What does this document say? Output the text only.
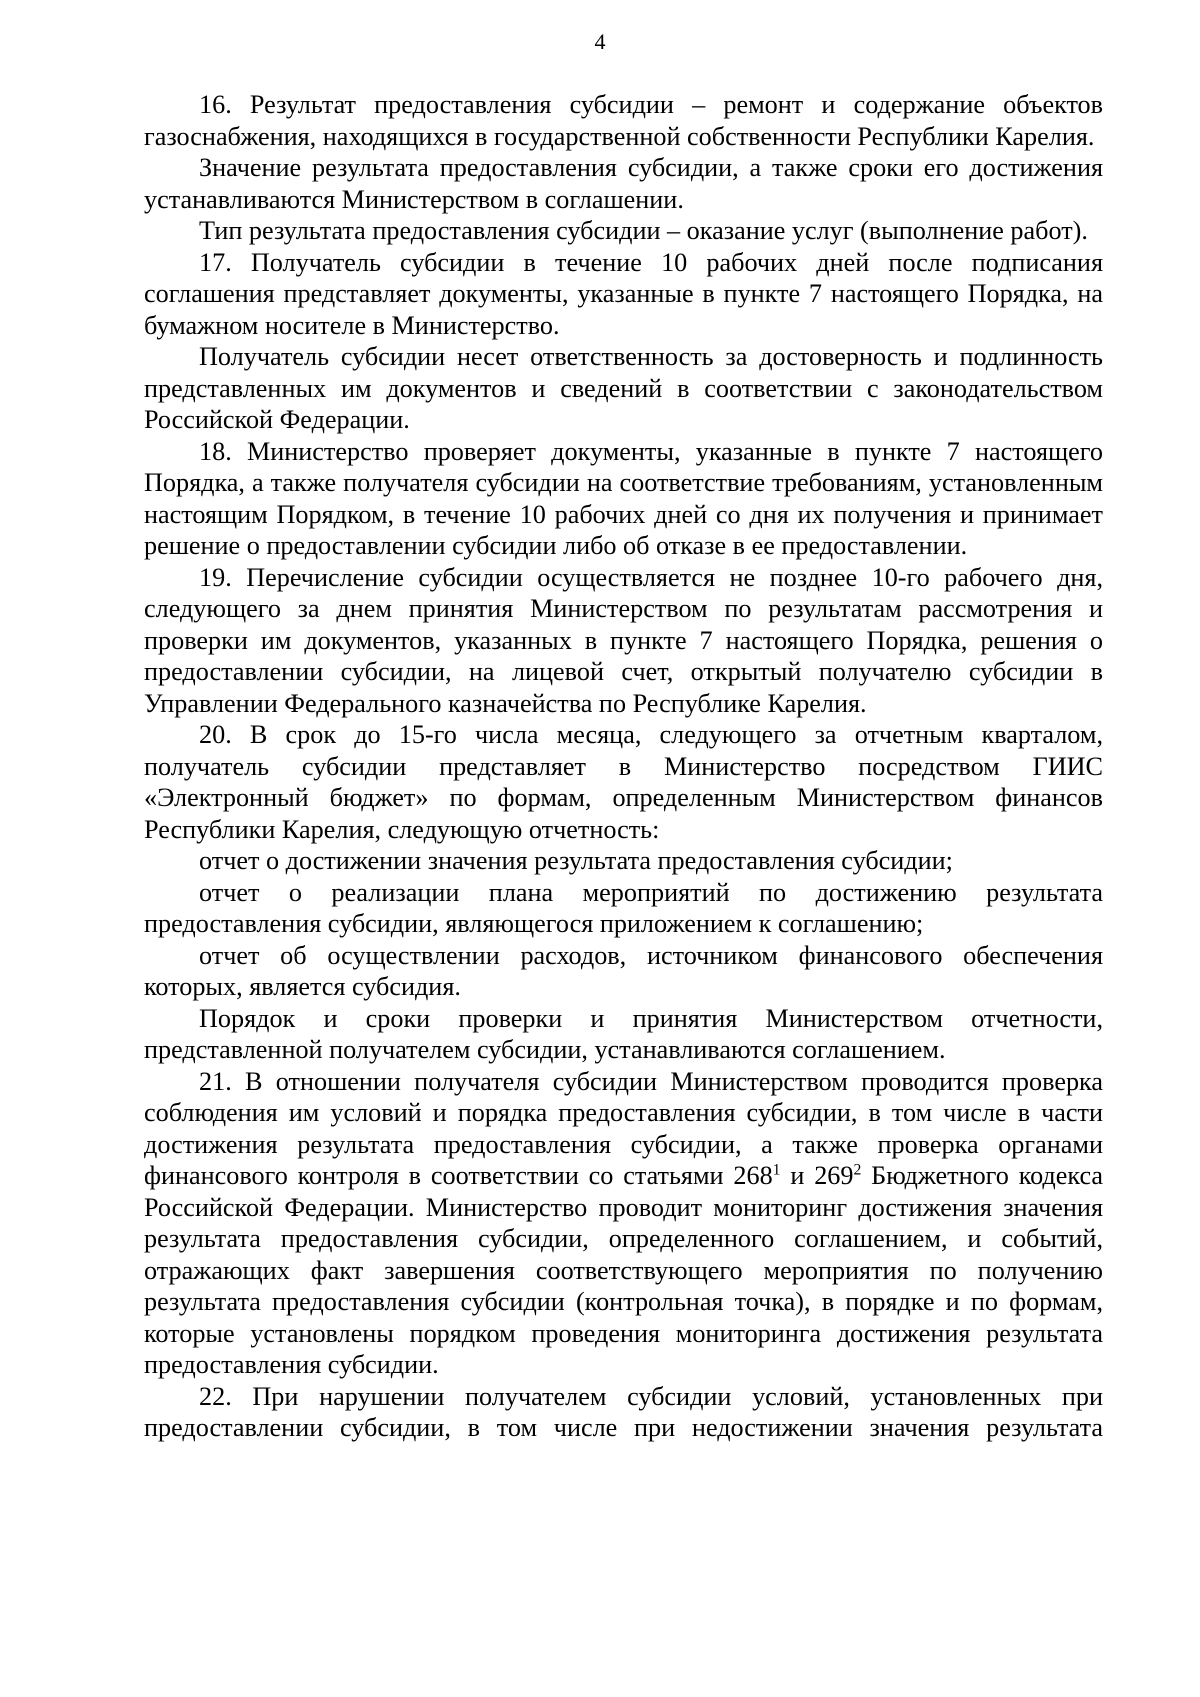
4

16. Результат предоставления субсидии – ремонт и содержание объектов газоснабжения, находящихся в государственной собственности Республики Карелия.

Значение результата предоставления субсидии, а также сроки его достижения устанавливаются Министерством в соглашении.

Тип результата предоставления субсидии – оказание услуг (выполнение работ).

17. Получатель субсидии в течение 10 рабочих дней после подписания соглашения представляет документы, указанные в пункте 7 настоящего Порядка, на бумажном носителе в Министерство.

Получатель субсидии несет ответственность за достоверность и подлинность представленных им документов и сведений в соответствии с законодательством Российской Федерации.

18. Министерство проверяет документы, указанные в пункте 7 настоящего Порядка, а также получателя субсидии на соответствие требованиям, установленным настоящим Порядком, в течение 10 рабочих дней со дня их получения и принимает решение о предоставлении субсидии либо об отказе в ее предоставлении.

19. Перечисление субсидии осуществляется не позднее 10-го рабочего дня, следующего за днем принятия Министерством по результатам рассмотрения и проверки им документов, указанных в пункте 7 настоящего Порядка, решения о предоставлении субсидии, на лицевой счет, открытый получателю субсидии в Управлении Федерального казначейства по Республике Карелия.

20. В срок до 15-го числа месяца, следующего за отчетным кварталом, получатель субсидии представляет в Министерство посредством ГИИС «Электронный бюджет» по формам, определенным Министерством финансов Республики Карелия, следующую отчетность:

отчет о достижении значения результата предоставления субсидии;

отчет о реализации плана мероприятий по достижению результата предоставления субсидии, являющегося приложением к соглашению;

отчет об осуществлении расходов, источником финансового обеспечения которых, является субсидия.

Порядок и сроки проверки и принятия Министерством отчетности, представленной получателем субсидии, устанавливаются соглашением.

21. В отношении получателя субсидии Министерством проводится проверка соблюдения им условий и порядка предоставления субсидии, в том числе в части достижения результата предоставления субсидии, а также проверка органами финансового контроля в соответствии со статьями $268^1$ и $269^2$ Бюджетного кодекса Российской Федерации. Министерство проводит мониторинг достижения значения результата предоставления субсидии, определенного соглашением, и событий, отражающих факт завершения соответствующего мероприятия по получению результата предоставления субсидии (контрольная точка), в порядке и по формам, которые установлены порядком проведения мониторинга достижения результата предоставления субсидии.

22. При нарушении получателем субсидии условий, установленных при предоставлении субсидии, в том числе при недостижении значения результата
